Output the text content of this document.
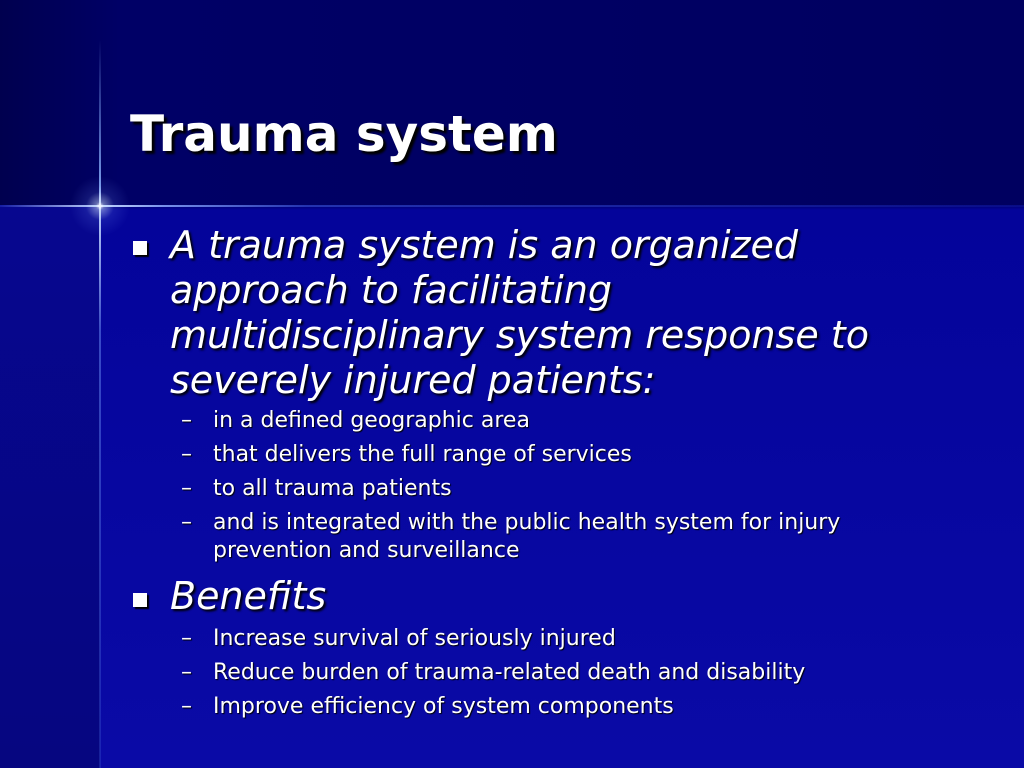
Trauma system

A trauma system is an organized

approach to facilitating

multidisciplinary system response to

severely injured patients:

– in a defined geographic area

– that delivers the full range of services

– to all trauma patients

– and is integrated with the public health system for injury

prevention and surveillance

Benefits

– Increase survival of seriously injured

– Reduce burden of trauma-related death and disability

– Improve efficiency of system components
